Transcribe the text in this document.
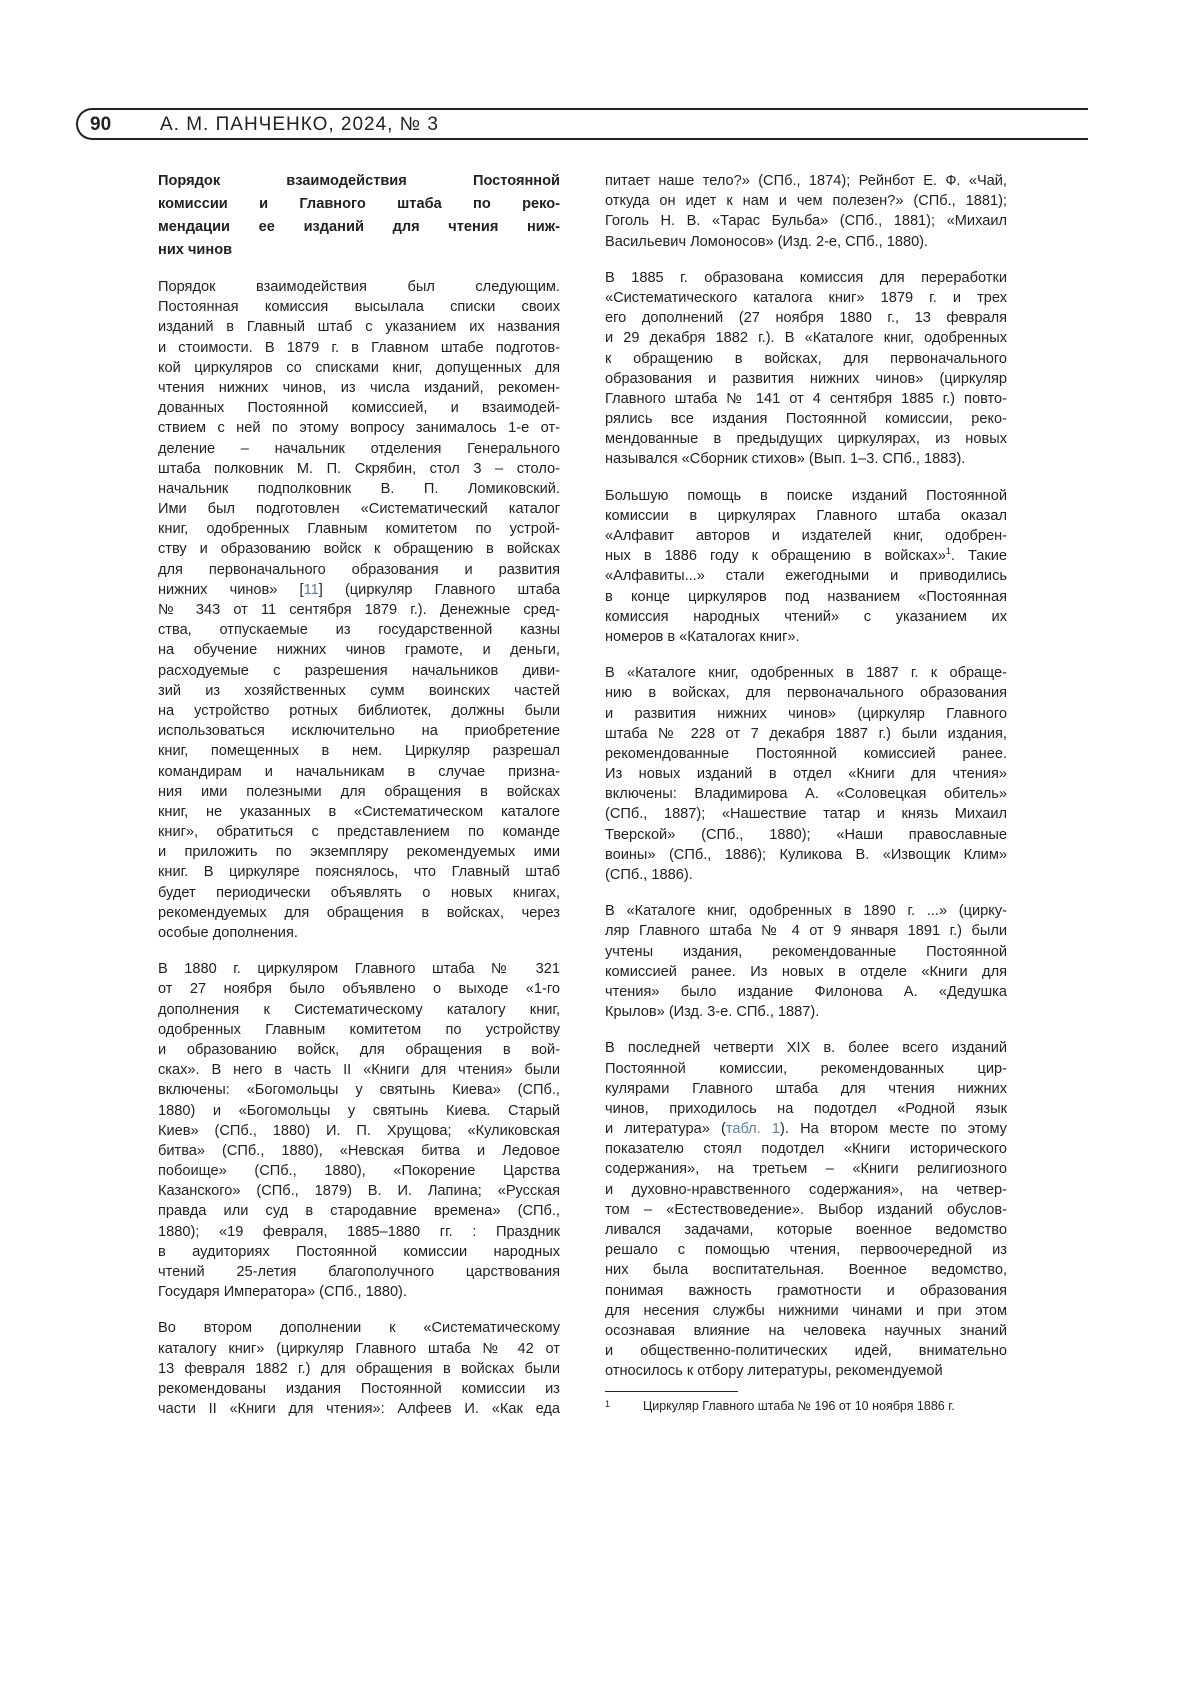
90	А. М. ПАНЧЕНКО, 2024, № 3
Порядок взаимодействия Постоянной
комиссии и Главного штаба по реко-
мендации ее изданий для чтения ниж-
них чинов
Порядок взаимодействия был следующим.
Постоянная комиссия высылала списки своих
изданий в Главный штаб с указанием их названия
и стоимости. В 1879 г. в Главном штабе подготов-
кой циркуляров со списками книг, допущенных для
чтения нижних чинов, из числа изданий, рекомен-
дованных Постоянной комиссией, и взаимодей-
ствием с ней по этому вопросу занималось 1-е от-
деление – начальник отделения Генерального
штаба полковник М. П. Скрябин, стол 3 – столо-
начальник подполковник В. П. Ломиковский.
Ими был подготовлен «Систематический каталог
книг, одобренных Главным комитетом по устрой-
ству и образованию войск к обращению в войсках
для первоначального образования и развития
нижних чинов» [11] (циркуляр Главного штаба
№ 343 от 11 сентября 1879 г.). Денежные сред-
ства, отпускаемые из государственной казны
на обучение нижних чинов грамоте, и деньги,
расходуемые с разрешения начальников диви-
зий из хозяйственных сумм воинских частей
на устройство ротных библиотек, должны были
использоваться исключительно на приобретение
книг, помещенных в нем. Циркуляр разрешал
командирам и начальникам в случае призна-
ния ими полезными для обращения в войсках
книг, не указанных в «Систематическом каталоге
книг», обратиться с представлением по команде
и приложить по экземпляру рекомендуемых ими
книг. В циркуляре пояснялось, что Главный штаб
будет периодически объявлять о новых книгах,
рекомендуемых для обращения в войсках, через
особые дополнения.
В 1880 г. циркуляром Главного штаба № 321
от 27 ноября было объявлено о выходе «1-го
дополнения к Систематическому каталогу книг,
одобренных Главным комитетом по устройству
и образованию войск, для обращения в вой-
сках». В него в часть II «Книги для чтения» были
включены: «Богомольцы у святынь Киева» (СПб.,
1880) и «Богомольцы у святынь Киева. Старый
Киев» (СПб., 1880) И. П. Хрущова; «Куликовская
битва» (СПб., 1880), «Невская битва и Ледовое
побоище» (СПб., 1880), «Покорение Царства
Казанского» (СПб., 1879) В. И. Лапина; «Русская
правда или суд в стародавние времена» (СПб.,
1880); «19 февраля, 1885–1880 гг. : Праздник
в аудиториях Постоянной комиссии народных
чтений 25-летия благополучного царствования
Государя Императора» (СПб., 1880).
Во втором дополнении к «Систематическому
каталогу книг» (циркуляр Главного штаба № 42 от
13 февраля 1882 г.) для обращения в войсках были
рекомендованы издания Постоянной комиссии из
части II «Книги для чтения»: Алфеев И. «Как еда
питает наше тело?» (СПб., 1874); Рейнбот Е. Ф. «Чай,
откуда он идет к нам и чем полезен?» (СПб., 1881);
Гоголь Н. В. «Тарас Бульба» (СПб., 1881); «Михаил
Васильевич Ломоносов» (Изд. 2-е, СПб., 1880).
В 1885 г. образована комиссия для переработки
«Систематического каталога книг» 1879 г. и трех
его дополнений (27 ноября 1880 г., 13 февраля
и 29 декабря 1882 г.). В «Каталоге книг, одобренных
к обращению в войсках, для первоначального
образования и развития нижних чинов» (циркуляр
Главного штаба № 141 от 4 сентября 1885 г.) повто-
рялись все издания Постоянной комиссии, реко-
мендованные в предыдущих циркулярах, из новых
назывался «Сборник стихов» (Вып. 1–3. СПб., 1883).
Большую помощь в поиске изданий Постоянной
комиссии в циркулярах Главного штаба оказал
«Алфавит авторов и издателей книг, одобрен-
ных в 1886 году к обращению в войсках»1. Такие
«Алфавиты...» стали ежегодными и приводились
в конце циркуляров под названием «Постоянная
комиссия народных чтений» с указанием их
номеров в «Каталогах книг».
В «Каталоге книг, одобренных в 1887 г. к обраще-
нию в войсках, для первоначального образования
и развития нижних чинов» (циркуляр Главного
штаба № 228 от 7 декабря 1887 г.) были издания,
рекомендованные Постоянной комиссией ранее.
Из новых изданий в отдел «Книги для чтения»
включены: Владимирова А. «Соловецкая обитель»
(СПб., 1887); «Нашествие татар и князь Михаил
Тверской» (СПб., 1880); «Наши православные
воины» (СПб., 1886); Куликова В. «Извощик Клим»
(СПб., 1886).
В «Каталоге книг, одобренных в 1890 г. ...» (цирку-
ляр Главного штаба № 4 от 9 января 1891 г.) были
учтены издания, рекомендованные Постоянной
комиссией ранее. Из новых в отделе «Книги для
чтения» было издание Филонова А. «Дедушка
Крылов» (Изд. 3-е. СПб., 1887).
В последней четверти XIX в. более всего изданий
Постоянной комиссии, рекомендованных цир-
кулярами Главного штаба для чтения нижних
чинов, приходилось на подотдел «Родной язык
и литература» (табл. 1). На втором месте по этому
показателю стоял подотдел «Книги исторического
содержания», на третьем – «Книги религиозного
и духовно-нравственного содержания», на четвер-
том – «Естествоведение». Выбор изданий обуслов-
ливался задачами, которые военное ведомство
решало с помощью чтения, первоочередной из
них была воспитательная. Военное ведомство,
понимая важность грамотности и образования
для несения службы нижними чинами и при этом
осознавая влияние на человека научных знаний
и общественно-политических идей, внимательно
относилось к отбору литературы, рекомендуемой
1	Циркуляр Главного штаба № 196 от 10 ноября 1886 г.
